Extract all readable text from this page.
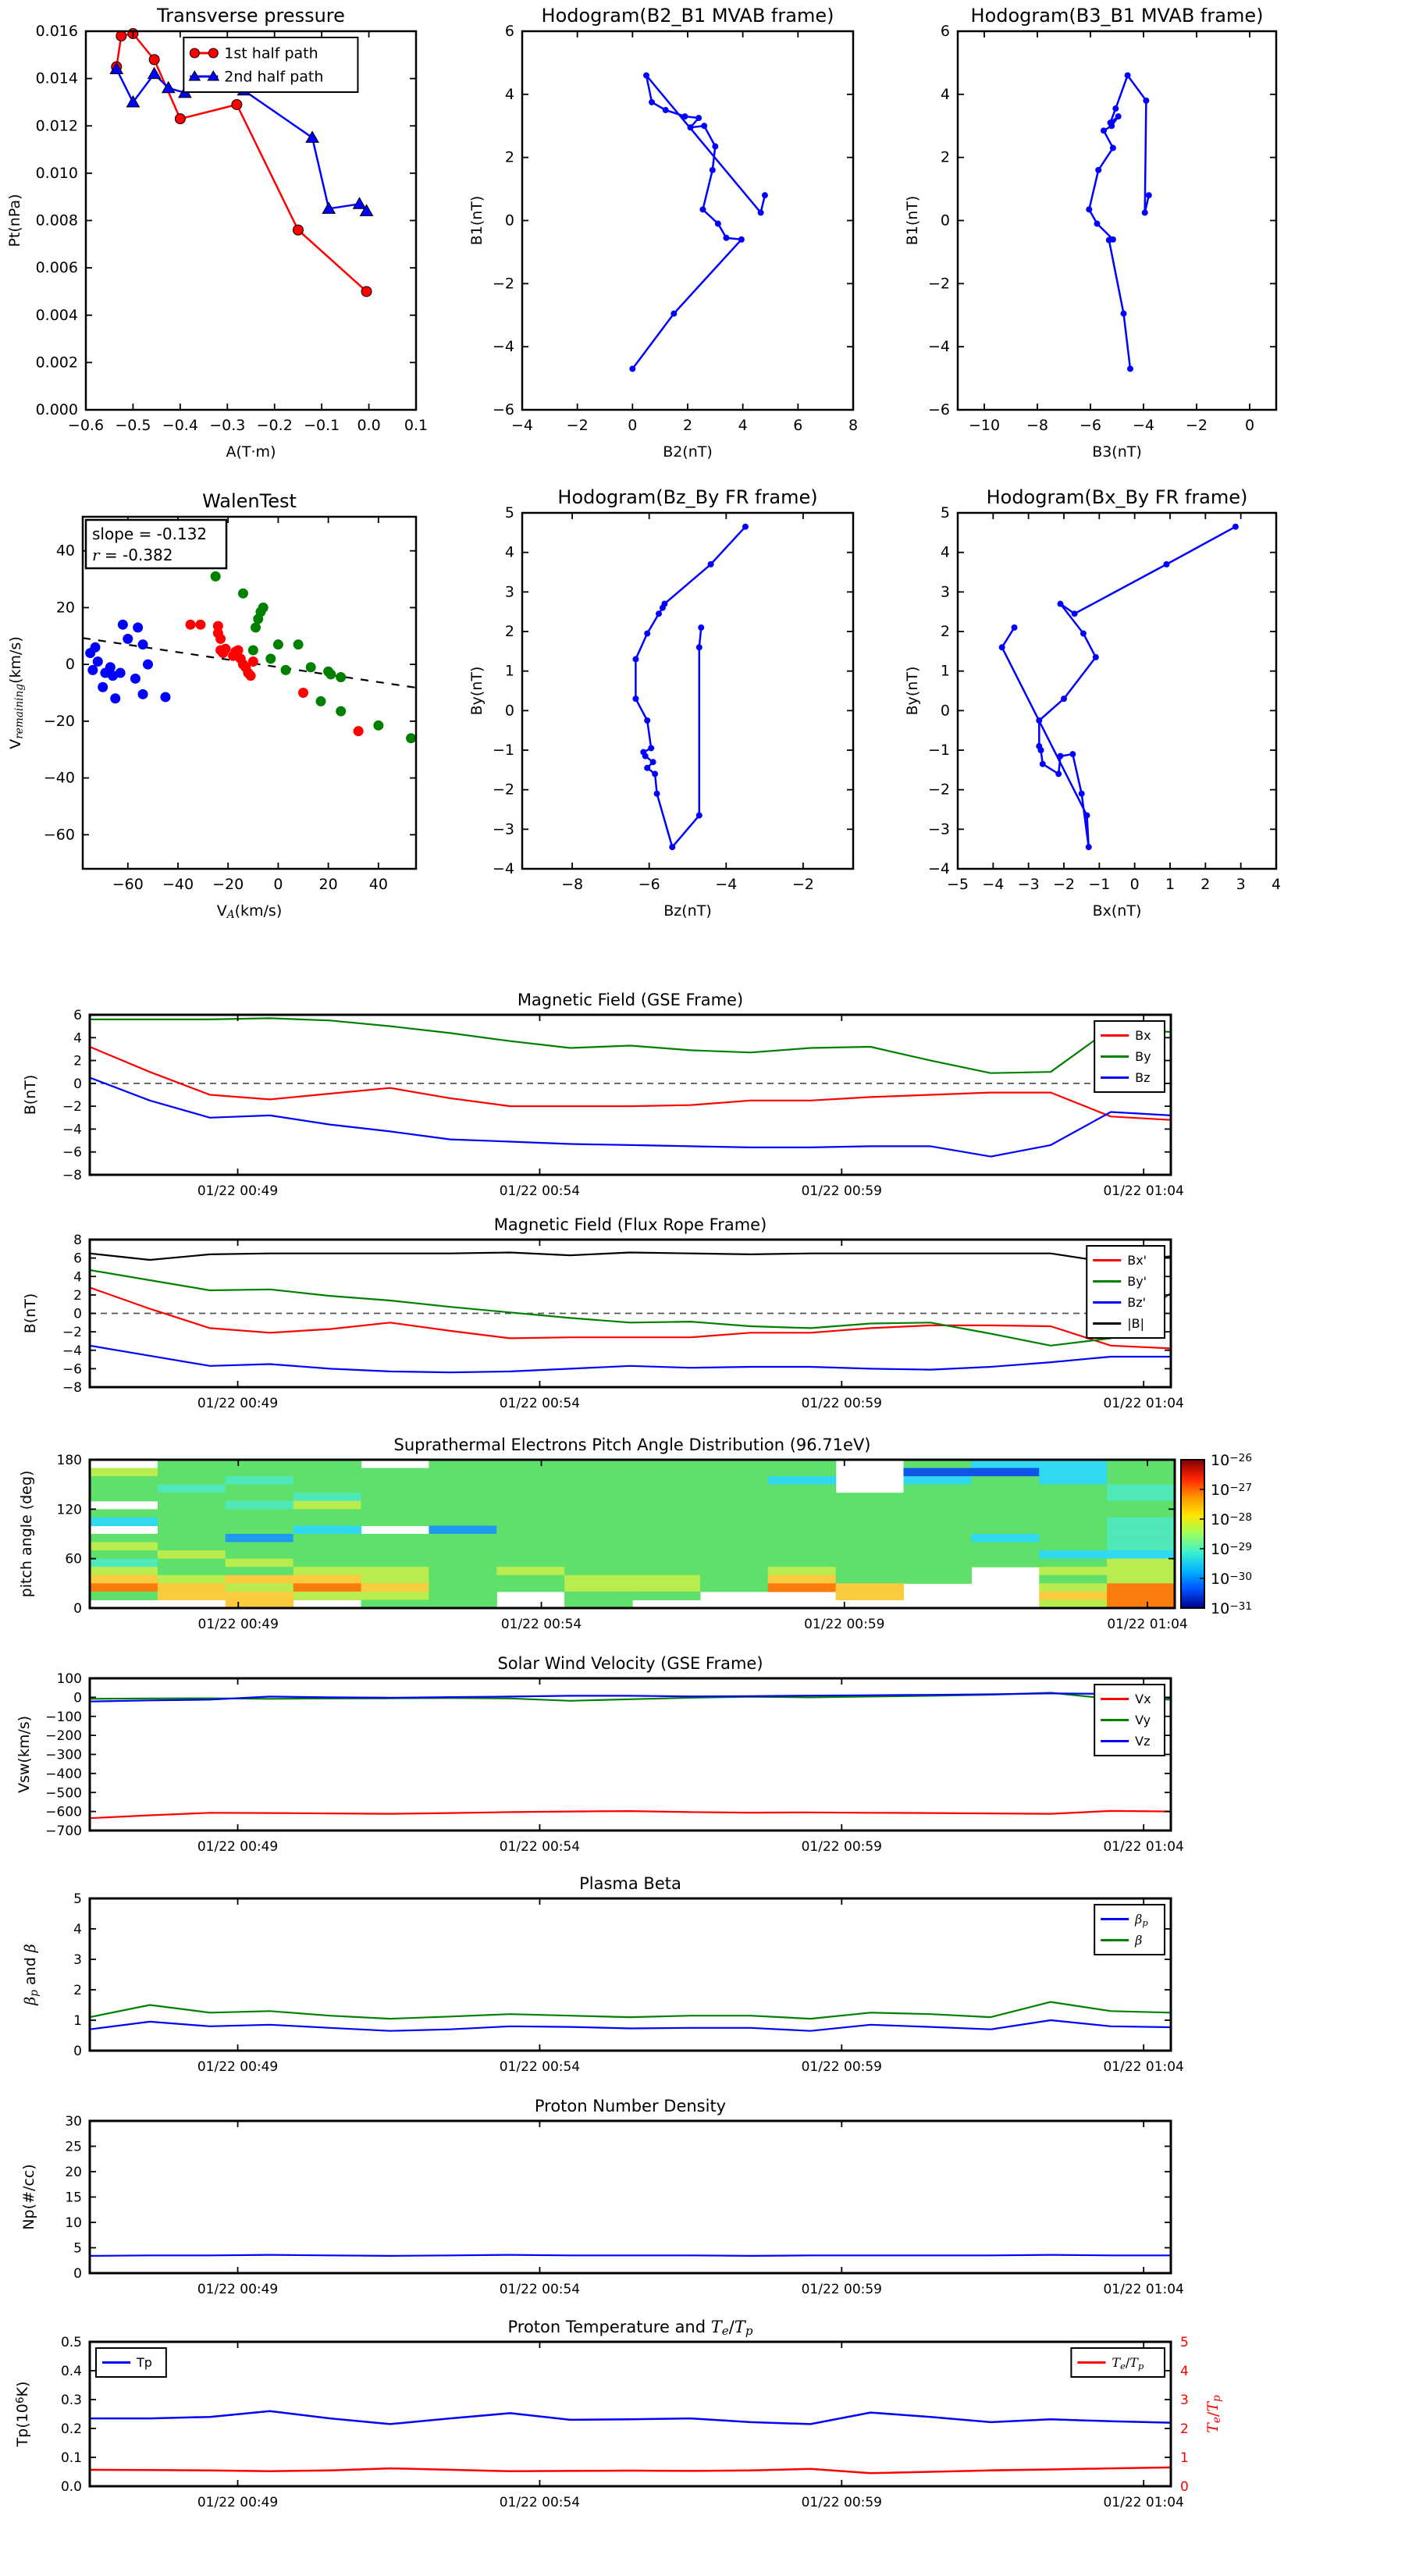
−0.6 −0.5 −0.4 −0.3 −0.2 −0.1 0.0 0.1
0.000
0.002
0.004
0.006
0.008
0.010
0.012
0.014
0.016
Transverse pressure
A(T·m)
Pt(nPa)
1st half path
2nd half path
−4 −2	0	2	4	6	8
−6
−4
−2
0
2
4
6
Hodogram(B2_B1 MVAB frame)
B2(nT)
B1(nT)
−10 −8 −6 −4 −2	0
−6
−4
−2
0
2
4
6
Hodogram(B3_B1 MVAB frame)
B3(nT)
B1(nT)
−60 −40 −20 0 20 40
−60
−40
−20
0
20
40
WalenTest
VA(km/s)
Vremaining(km/s)
slope = -0.132
r = -0.382
−8	−6	−4	−2
−4
−3
−2
−1
0
1
2
3
4
5
Hodogram(Bz_By FR frame)
Bz(nT)
By(nT)
−5 −4 −3 −2 −1 0 1 2 3 4
−4
−3
−2
−1
0
1
2
3
4
5
Hodogram(Bx_By FR frame)
Bx(nT)
By(nT)
01/22 00:49	01/22 00:54	01/22 00:59	01/22 01:04
−8
−6
−4
−2
0
2
4
6
Magnetic Field (GSE Frame)
B(nT)
Bx
By
Bz
01/22 00:49	01/22 00:54	01/22 00:59	01/22 01:04
−8
−6
−4
−2
0
2
4
6
8
Magnetic Field (Flux Rope Frame)
B(nT)
Bx'
By'
Bz'
|B|
01/22 00:49	01/22 00:54	01/22 00:59	01/22 01:04
0
60
120
180
Suprathermal Electrons Pitch Angle Distribution (96.71eV)
pitch angle (deg)
10−26
10−27
10−28
10−29
10−30
10−31
01/22 00:49	01/22 00:54	01/22 00:59	01/22 01:04
100
0
−100
−200
−300
−400
−500
−600
−700
Solar Wind Velocity (GSE Frame)
Vsw(km/s)
Vx
Vy
Vz
01/22 00:49	01/22 00:54	01/22 00:59	01/22 01:04
0
1
2
3
4
5
Plasma Beta
βp and β
βp
β
01/22 00:49	01/22 00:54	01/22 00:59	01/22 01:04
0
5
10
15
20
25
30
Proton Number Density
Np(#/cc)
01/22 00:49	01/22 00:54	01/22 00:59	01/22 01:04
0.0
0.1
0.2
0.3
0.4
0.5
0
1
2
3
4
5
Proton Temperature and Te/Tp
Tp(106K)
Te/Tp
Tp	Te/Tp
